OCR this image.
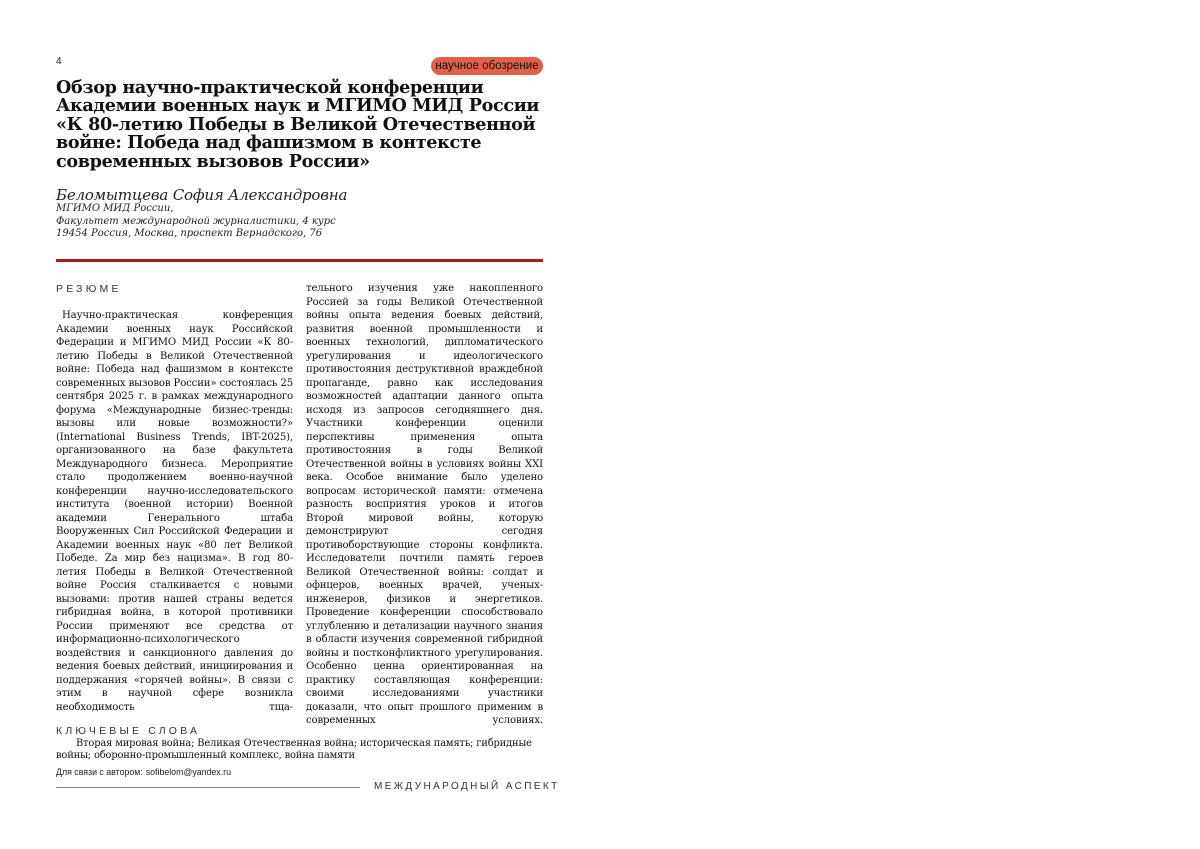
4	научное обозрение
Обзор научно-практической конференции Академии военных наук и МГИМО МИД России «К 80-летию Победы в Великой Отечественной войне: Победа над фашизмом в контексте современных вызовов России»
Беломытцева София Александровна
МГИМО МИД России,
Факультет международной журналистики, 4 курс
19454 Россия, Москва, проспект Вернадского, 76
РЕЗЮМЕ

Научно-практическая конференция Академии военных наук Российской Федерации и МГИМО МИД России «К 80-летию Победы в Великой Отечественной войне: Победа над фашизмом в контексте современных вызовов России» состоялась 25 сентября 2025 г. в рамках международного форума «Международные бизнес-тренды: вызовы или новые возможности?» (International Business Trends, IBT-2025), организованного на базе факультета Международного бизнеса. Мероприятие стало продолжением военно-научной конференции научно-исследовательского института (военной истории) Военной академии Генерального штаба Вооруженных Сил Российской Федерации и Академии военных наук «80 лет Великой Победе. Za мир без нацизма». В год 80-летия Победы в Великой Отечественной войне Россия сталкивается с новыми вызовами: против нашей страны ведется гибридная война, в которой противники России применяют все средства от информационно-психологического воздействия и санкционного давления до ведения боевых действий, инициирования и поддержания «горячей войны». В связи с этим в научной сфере возникла необходимость тща-

тельного изучения уже накопленного Россией за годы Великой Отечественной войны опыта ведения боевых действий, развития военной промышленности и военных технологий, дипломатического урегулирования и идеологического противостояния деструктивной враждебной пропаганде, равно как исследования возможностей адаптации данного опыта исходя из запросов сегодняшнего дня. Участники конференции оценили перспективы применения опыта противостояния в годы Великой Отечественной войны в условиях войны XXI века. Особое внимание было уделено вопросам исторической памяти: отмечена разность восприятия уроков и итогов Второй мировой войны, которую демонстрируют сегодня противоборствующие стороны конфликта. Исследователи почтили память героев Великой Отечественной войны: солдат и офицеров, военных врачей, ученых-инженеров, физиков и энергетиков. Проведение конференции способствовало углублению и детализации научного знания в области изучения современной гибридной войны и постконфликтного урегулирования. Особенно ценна ориентированная на практику составляющая конференции: своими исследованиями участники доказали, что опыт прошлого применим в современных условиях.

КЛЮЧЕВЫЕ СЛОВА

Вторая мировая война; Великая Отечественная война; историческая память; гибридные войны; оборонно-промышленный комплекс, война памяти

Для связи с автором: sofibelom@yandex.ru
МЕЖДУНАРОДНЫЙ АСПЕКТ
